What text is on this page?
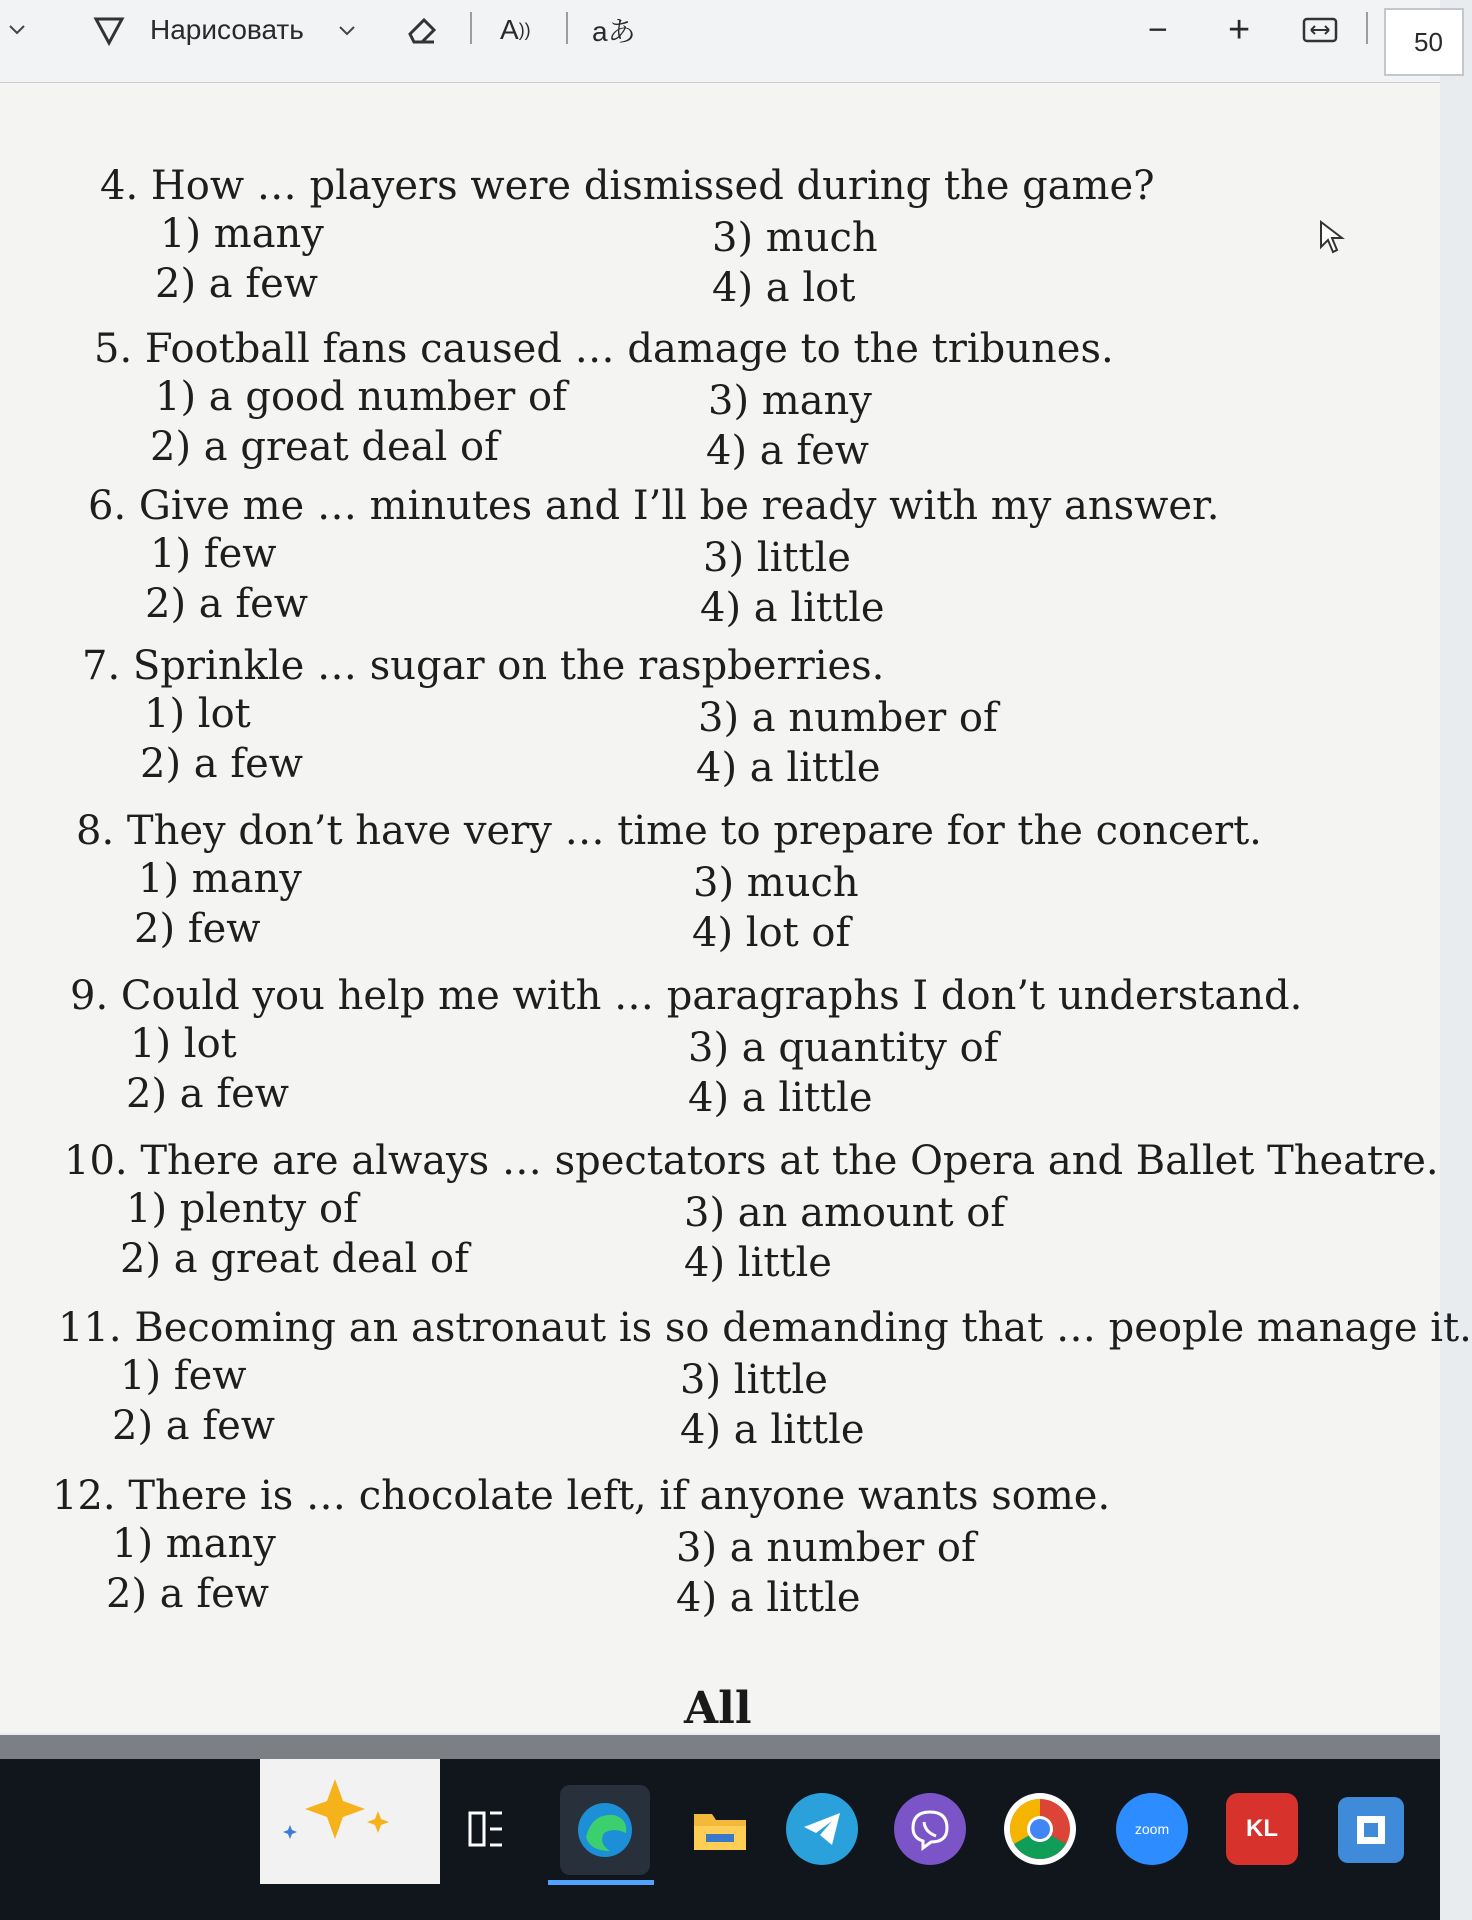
Нарисовать	A )) aあ	− +	50
4. How … players were dismissed during the game?
1) many
2) a few
3) much
4) a lot
5. Football fans caused … damage to the tribunes.
1) a good number of
2) a great deal of
3) many
4) a few
6. Give me … minutes and I’ll be ready with my answer.
1) few
2) a few
3) little
4) a little
7. Sprinkle … sugar on the raspberries.
1) lot
2) a few
3) a number of
4) a little
8. They don’t have very … time to prepare for the concert.
1) many
2) few
3) much
4) lot of
9. Could you help me with … paragraphs I don’t understand.
1) lot
2) a few
3) a quantity of
4) a little
10. There are always … spectators at the Opera and Ballet Theatre.
1) plenty of
2) a great deal of
3) an amount of
4) little
11. Becoming an astronaut is so demanding that … people manage it.
1) few
2) a few
3) little
4) a little
12. There is … chocolate left, if anyone wants some.
1) many
2) a few
3) a number of
4) a little
All
zoom	KL
